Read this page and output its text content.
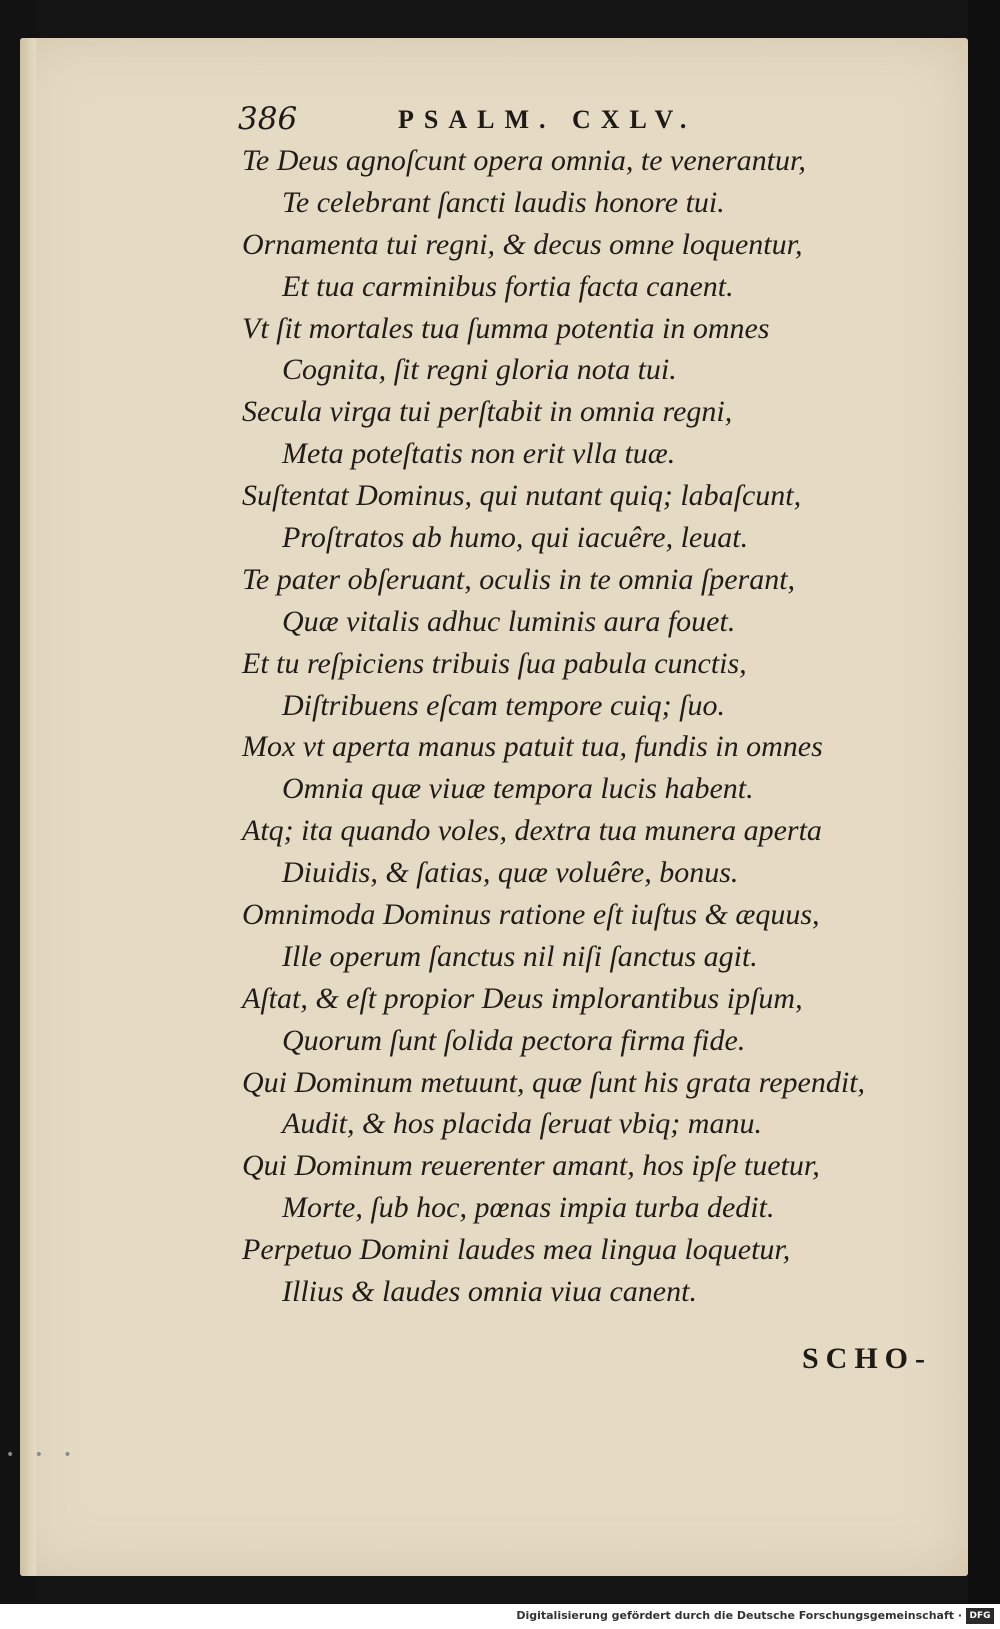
386	PSALM. CXLV.
Te Deus agnoſcunt opera omnia, te venerantur,
Te celebrant ſancti laudis honore tui.
Ornamenta tui regni, & decus omne loquentur,
Et tua carminibus fortia facta canent.
Vt ſit mortales tua ſumma potentia in omnes
Cognita, ſit regni gloria nota tui.
Secula virga tui perſtabit in omnia regni,
Meta poteſtatis non erit vlla tuæ.
Suſtentat Dominus, qui nutant quiq; labaſcunt,
Proſtratos ab humo, qui iacuêre, leuat.
Te pater obſeruant, oculis in te omnia ſperant,
Quæ vitalis adhuc luminis aura fouet.
Et tu reſpiciens tribuis ſua pabula cunctis,
Diſtribuens eſcam tempore cuiq; ſuo.
Mox vt aperta manus patuit tua, fundis in omnes
Omnia quæ viuæ tempora lucis habent.
Atq; ita quando voles, dextra tua munera aperta
Diuidis, & ſatias, quæ voluêre, bonus.
Omnimoda Dominus ratione eſt iuſtus & æquus,
Ille operum ſanctus nil niſi ſanctus agit.
Aſtat, & eſt propior Deus implorantibus ipſum,
Quorum ſunt ſolida pectora firma fide.
Qui Dominum metuunt, quæ ſunt his grata rependit,
Audit, & hos placida ſeruat vbiq; manu.
Qui Dominum reuerenter amant, hos ipſe tuetur,
Morte, ſub hoc, pœnas impia turba dedit.
Perpetuo Domini laudes mea lingua loquetur,
Illius & laudes omnia viua canent.
SCHO-
• • •
Digitalisierung gefördert durch die Deutsche Forschungsgemeinschaft · DFG
